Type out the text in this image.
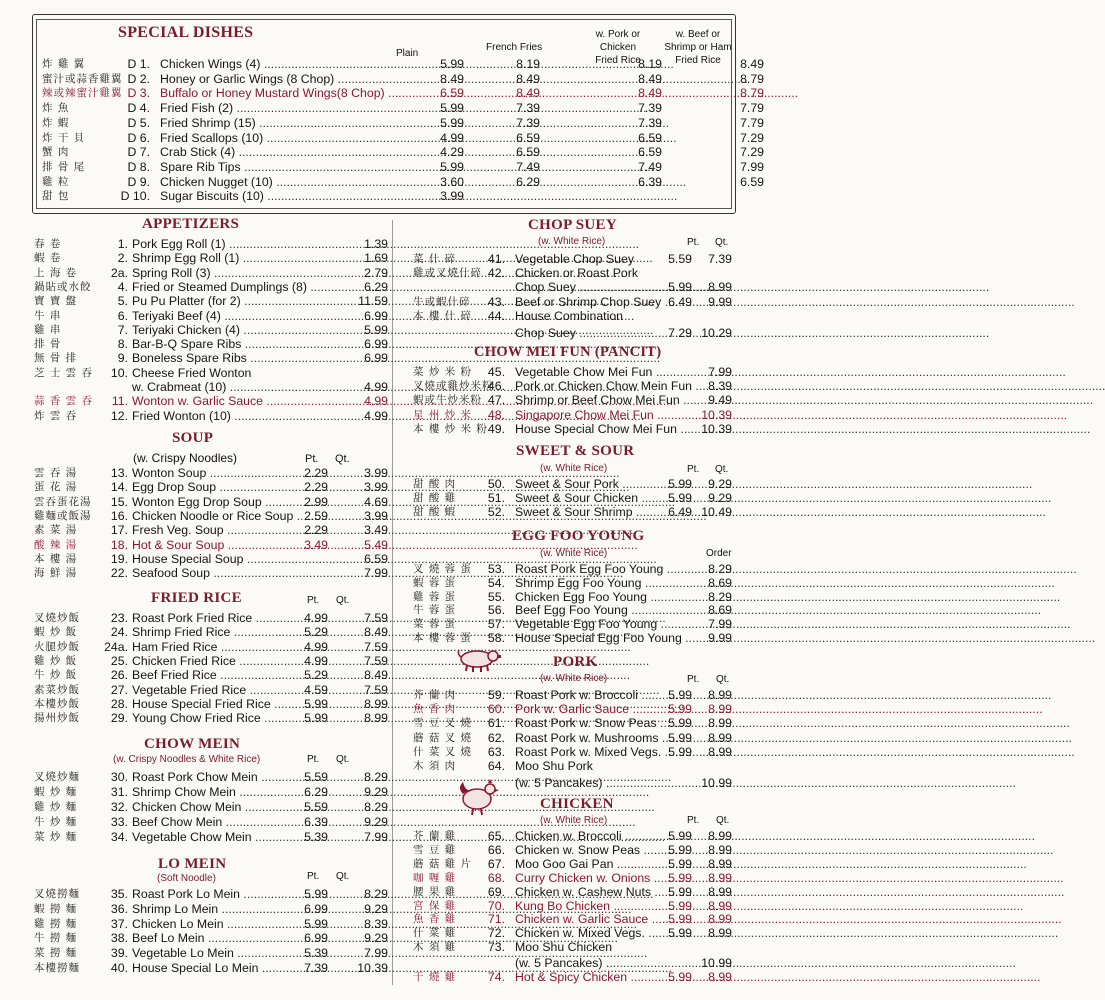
SPECIAL DISHES
Plain
French Fries
w. Pork or Chicken Fried Rice
w. Beef or Shrimp or Ham Fried Rice
炸 雞 翼	D 1. Chicken Wings (4) .....	5.99	8.19	8.19	8.49
蜜汁或蒜香雞翼 D 2. Honey or Garlic Wings (8 Chop) .....	8.49	8.49	8.49	8.79
辣或辣蜜汁雞翼 D 3. Buffalo or Honey Mustard Wings(8 Chop) .....	6.59	8.49	8.49	8.79
炸 魚	D 4. Fried Fish (2) .....	5.99	7.39	7.39	7.79
炸 蝦	D 5. Fried Shrimp (15) .....	5.99	7.39	7.39	7.79
炸 干 貝	D 6. Fried Scallops (10) .....	4.99	6.59	6.59	7.29
蟹 肉	D 7. Crab Stick (4) .....	4.29	6.59	6.59	7.29
排 骨 尾	D 8. Spare Rib Tips .....	5.99	7.49	7.49	7.99
雞 粒	D 9. Chicken Nugget (10) .....	3.60	6.29	6.39	6.59
甜 包	D 10. Sugar Biscuits (10) .....	3.99
APPETIZERS
春 卷	1. Pork Egg Roll (1) .....	1.39
蝦 卷	2. Shrimp Egg Roll (1) .....	1.69
上 海 卷	2a. Spring Roll (3) .....	2.79
鍋貼或水餃	4. Fried or Steamed Dumplings (8) .....	6.29
寶 寶 盤	5. Pu Pu Platter (for 2) .....	11.59
牛 串	6. Teriyaki Beef (4) .....	6.99
雞 串	7. Teriyaki Chicken (4) .....	5.99
排 骨	8. Bar-B-Q Spare Ribs .....	6.99
無 骨 排	9. Boneless Spare Ribs .....	6.99
芝 士 雲 吞	10. Cheese Fried Wonton
w. Crabmeat (10) .....	4.99
蒜 香 雲 吞	11. Wonton w. Garlic Sauce .....	4.99
炸 雲 吞	12. Fried Wonton (10) .....	4.99
SOUP
雲 吞 湯	13. Wonton Soup .....	2.29	3.99
蛋 花 湯	14. Egg Drop Soup .....	2.29	3.99
雲吞蛋花湯	15. Wonton Egg Drop Soup .....	2.99	4.69
雞麵或飯湯	16. Chicken Noodle or Rice Soup ..... 2.59	3.99
素 菜 湯	17. Fresh Veg. Soup .....	2.29	3.49
酸 辣 湯	18. Hot & Sour Soup .....	3.49	5.49
本 樓 湯	19. House Special Soup .....	6.59
海 鮮 湯	22. Seafood Soup .....	7.99
FRIED RICE
叉燒炒飯	23. Roast Pork Fried Rice .....	4.99	7.59
蝦 炒 飯	24. Shrimp Fried Rice .....	5.29	8.49
火腿炒飯	24a. Ham Fried Rice .....	4.99	7.59
雞 炒 飯	25. Chicken Fried Rice .....	4.99	7.59
牛 炒 飯	26. Beef Fried Rice .....	5.29	8.49
素菜炒飯	27. Vegetable Fried Rice .....	4.59	7.59
本樓炒飯	28. House Special Fried Rice .....	5.99	8.99
揚州炒飯	29. Young Chow Fried Rice .....	5.99	8.99
CHOW MEIN
叉燒炒麵	30. Roast Pork Chow Mein .....	5.59	8.29
蝦 炒 麵	31. Shrimp Chow Mein .....	6.29	9.29
雞 炒 麵	32. Chicken Chow Mein .....	5.59	8.29
牛 炒 麵	33. Beef Chow Mein .....	6.39	9.29
菜 炒 麵	34. Vegetable Chow Mein .....	5.39	7.99
LO MEIN
叉燒撈麵	35. Roast Pork Lo Mein .....	5.99	8.29
蝦 撈 麵	36. Shrimp Lo Mein .....	6.99	9.29
雞 撈 麵	37. Chicken Lo Mein .....	5.99	8.39
牛 撈 麵	38. Beef Lo Mein .....	6.99	9.29
菜 撈 麵	39. Vegetable Lo Mein .....	5.39	7.99
本樓撈麵	40. House Special Lo Mein .....	7.39	10.39
CHOP SUEY
菜 什 碎	41. Vegetable Chop Suey	5.59	7.39
雞或叉燒什碎 42. Chicken or Roast Pork
Chop Suey .....	5.99	8.99
牛或蝦什碎	43. Beef or Shrimp Chop Suey ..... 6.49	9.99
本 樓 什 碎	44. House Combination
Chop Suey .....	7.29 10.29
CHOW MEI FUN (PANCIT)
菜 炒 米 粉	45. Vegetable Chow Mei Fun .....	7.99
叉燒或雞炒米粉
46. Pork or Chicken Chow Mein Fun .....	8.39
蝦或牛炒米粉 47. Shrimp or Beef Chow Mei Fun .....	9.49
星 州 炒 米	48. Singapore Chow Mei Fun .....	10.39
本 樓 炒 米 粉 49. House Special Chow Mei Fun .....	10.39
SWEET & SOUR
甜 酸 肉	50. Sweet & Sour Pork .....	5.99	9.29
甜 酸 雞	51. Sweet & Sour Chicken .....	5.99	9.29
甜 酸 蝦	52. Sweet & Sour Shrimp .....	6.49 10.49
EGG FOO YOUNG
叉 燒 蓉 蛋	53. Roast Pork Egg Foo Young .....	8.29
蝦 蓉 蛋	54. Shrimp Egg Foo Young .....	8.69
雞 蓉 蛋	55. Chicken Egg Foo Young .....	8.29
牛 蓉 蛋	56. Beef Egg Foo Young .....	8.69
菜 蓉 蛋	57. Vegetable Egg Foo Young .....	7.99
本 樓 蓉 蛋	58. House Special Egg Foo Young .....	9.99
PORK
芥 蘭 肉	59. Roast Pork w. Broccoli .....	5.99	8.99
魚 香 肉	60. Pork w. Garlic Sauce .....	5.99	8.99
雪 豆 叉 燒	61. Roast Pork w. Snow Peas ..... 5.99	8.99
蘑 菇 叉 燒	62. Roast Pork w. Mushrooms ..... 5.99	8.99
什 菜 叉 燒	63. Roast Pork w. Mixed Vegs. ..... 5.99	8.99
木 須 肉	64. Moo Shu Pork
(w. 5 Pancakes) .....	10.99
CHICKEN
芥 蘭 雞	65. Chicken w. Broccoli .....	5.99	8.99
雪 豆 雞	66. Chicken w. Snow Peas .....	5.99	8.99
蘑 菇 雞 片	67. Moo Goo Gai Pan .....	5.99	8.99
咖 喱 雞	68. Curry Chicken w. Onions .....	5.99	8.99
腰 果 雞	69. Chicken w. Cashew Nuts .....	5.99	8.99
宮 保 雞	70. Kung Bo Chicken .....	5.99	8.99
魚 香 雞	71. Chicken w. Garlic Sauce .....	5.99	8.99
什 菜 雞	72. Chicken w. Mixed Vegs. .....	5.99	8.99
木 須 雞	73. Moo Shu Chicken
(w. 5 Pancakes) .....	10.99
干 燒 雞	74. Hot & Spicy Chicken .....	5.99	8.99
(w. Crispy Noodles)	Pt. Qt.
Pt. Qt.
(w. Crispy Noodles & White Rice)	Pt. Qt.
(Soft Noodle)	Pt. Qt.
(w. White Rice)	Pt. Qt.
(w. White Rice)	Pt. Qt.
(w. White Rice)	Order
(w. White Rice)	Pt. Qt.
(w. White Rice)	Pt. Qt.
